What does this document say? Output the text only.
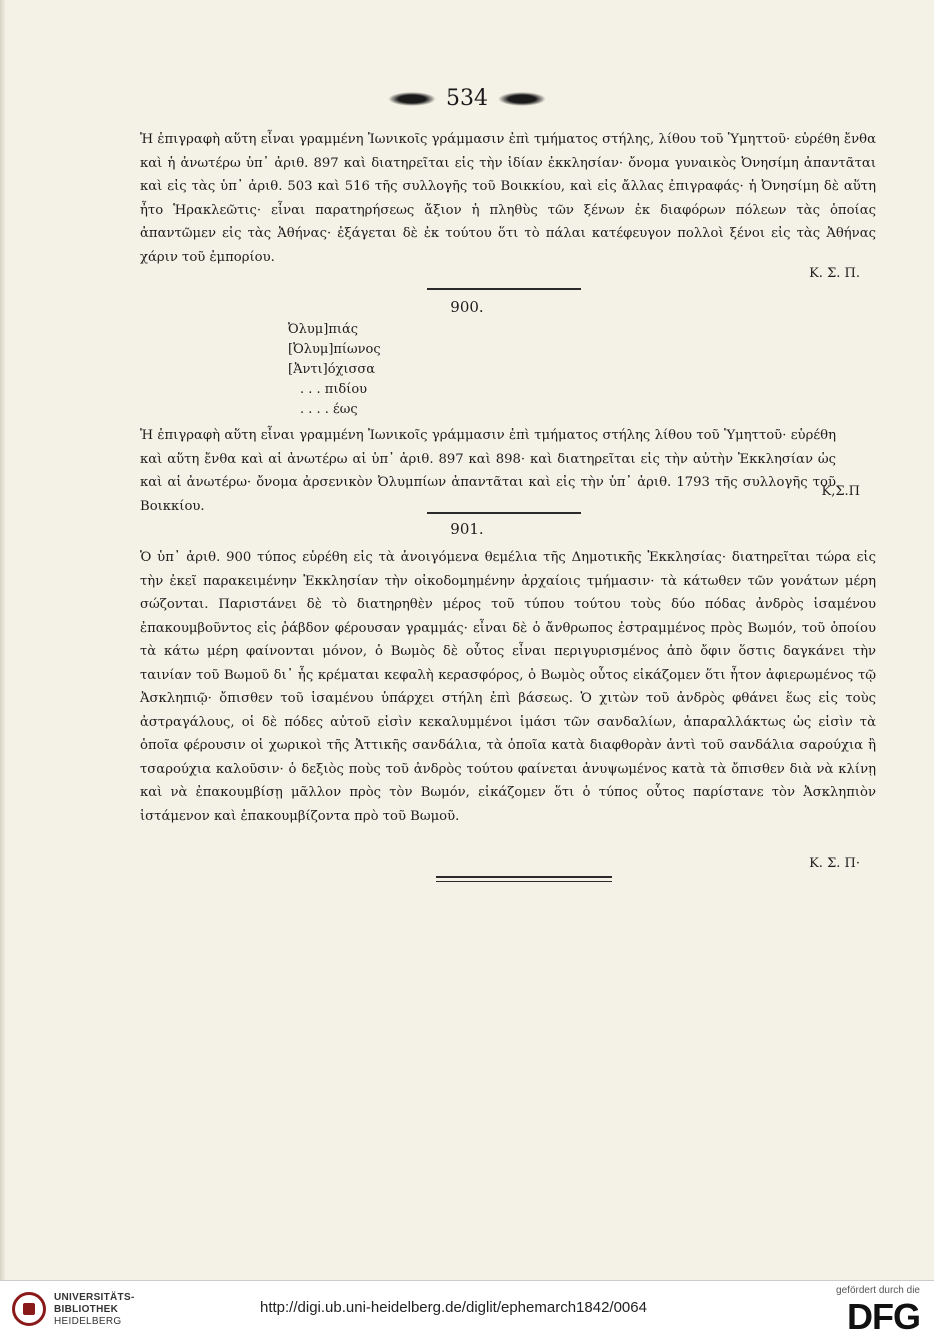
534
Ἡ ἐπιγραφὴ αὕτη εἶναι γραμμένη Ἰωνικοῖς γράμμασιν ἐπὶ τμήματος στήλης, λίθου τοῦ Ὑμηττοῦ· εὑρέθη ἔνθα καὶ ἡ ἀνωτέρω ὑπ᾽ ἀριθ. 897 καὶ διατηρεῖται εἰς τὴν ἰδίαν ἐκκλησίαν· ὄνομα γυναικὸς Ὀνησίμη ἀπαντᾶται καὶ εἰς τὰς ὑπ᾽ ἀριθ. 503 καὶ 516 τῆς συλλογῆς τοῦ Βοικκίου, καὶ εἰς ἄλλας ἐπιγραφάς· ἡ Ὀνησίμη δὲ αὕτη ἦτο Ἡρακλεῶτις· εἶναι παρατηρήσεως ἄξιον ἡ πληθὺς τῶν ξένων ἐκ διαφόρων πόλεων τὰς ὁποίας ἀπαντῶμεν εἰς τὰς Ἀθήνας· ἐξάγεται δὲ ἐκ τούτου ὅτι τὸ πάλαι κατέφευγον πολλοὶ ξένοι εἰς τὰς Ἀθήνας χάριν τοῦ ἐμπορίου.
Κ. Σ. Π.
900.
Ὀλυμ]πιάς
[Ὀλυμ]πίωνος
[Ἀντι]όχισσα
. . . πιδίου
. . . . έως
Ἡ ἐπιγραφὴ αὕτη εἶναι γραμμένη Ἰωνικοῖς γράμμασιν ἐπὶ τμήματος στήλης λίθου τοῦ Ὑμηττοῦ· εὑρέθη καὶ αὕτη ἔνθα καὶ αἱ ἀνωτέρω αἱ ὑπ᾽ ἀριθ. 897 καὶ 898· καὶ διατηρεῖται εἰς τὴν αὐτὴν Ἐκκλησίαν ὡς καὶ αἱ ἀνωτέρω· ὄνομα ἀρσενικὸν Ὀλυμπίων ἀπαντᾶται καὶ εἰς τὴν ὑπ᾽ ἀριθ. 1793 τῆς συλλογῆς τοῦ Βοικκίου.
Κ,Σ.Π
901.
Ὁ ὑπ᾽ ἀριθ. 900 τύπος εὑρέθη εἰς τὰ ἀνοιγόμενα θεμέλια τῆς Δημοτικῆς Ἐκκλησίας· διατηρεῖται τώρα εἰς τὴν ἐκεῖ παρακειμένην Ἐκκλησίαν τὴν οἰκοδομημένην ἀρχαίοις τμήμασιν· τὰ κάτωθεν τῶν γονάτων μέρη σώζονται. Παριστάνει δὲ τὸ διατηρηθὲν μέρος τοῦ τύπου τούτου τοὺς δύο πόδας ἀνδρὸς ἱσαμένου ἐπακουμβοῦντος εἰς ῥάβδον φέρουσαν γραμμάς· εἶναι δὲ ὁ ἄνθρωπος ἐστραμμένος πρὸς Βωμόν, τοῦ ὁποίου τὰ κάτω μέρη φαίνονται μόνον, ὁ Βωμὸς δὲ οὗτος εἶναι περιγυρισμένος ἀπὸ ὄφιν ὅστις δαγκάνει τὴν ταινίαν τοῦ Βωμοῦ δι᾽ ἧς κρέμαται κεφαλὴ κερασφόρος, ὁ Βωμὸς οὗτος εἰκάζομεν ὅτι ἦτον ἀφιερωμένος τῷ Ἀσκληπιῷ· ὄπισθεν τοῦ ἱσαμένου ὑπάρχει στήλη ἐπὶ βάσεως. Ὁ χιτὼν τοῦ ἀνδρὸς φθάνει ἕως εἰς τοὺς ἀστραγάλους, οἱ δὲ πόδες αὐτοῦ εἰσὶν κεκαλυμμένοι ἱμάσι τῶν σανδαλίων, ἀπαραλλάκτως ὡς εἰσὶν τὰ ὁποῖα φέρουσιν οἱ χωρικοὶ τῆς Ἀττικῆς σανδάλια, τὰ ὁποῖα κατὰ διαφθορὰν ἀντὶ τοῦ σανδάλια σαρούχια ἢ τσαρούχια καλοῦσιν· ὁ δεξιὸς ποὺς τοῦ ἀνδρὸς τούτου φαίνεται ἀνυψωμένος κατὰ τὰ ὄπισθεν διὰ νὰ κλίνῃ καὶ νὰ ἐπακουμβίσῃ μᾶλλον πρὸς τὸν Βωμόν, εἰκάζομεν ὅτι ὁ τύπος οὗτος παρίστανε τὸν Ἀσκληπιὸν ἱστάμενον καὶ ἐπακουμβίζοντα πρὸ τοῦ Βωμοῦ.
Κ. Σ. Π·
UNIVERSITÄTS-
BIBLIOTHEK
HEIDELBERG
http://digi.ub.uni-heidelberg.de/diglit/ephemarch1842/0064
gefördert durch die
DFG
